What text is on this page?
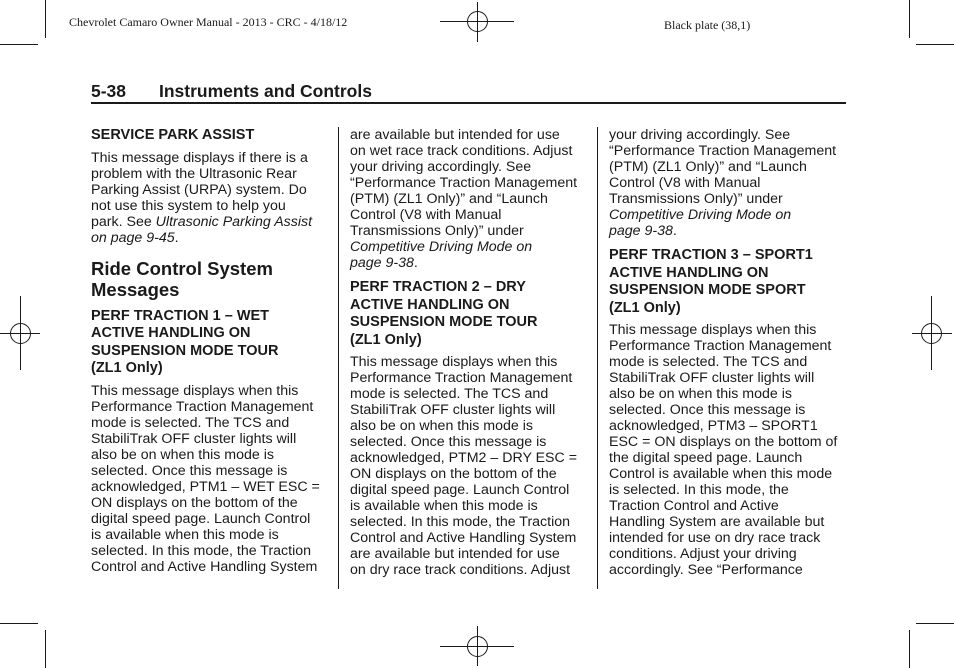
Chevrolet Camaro Owner Manual - 2013 - CRC - 4/18/12	Black plate (38,1)
5-38 Instruments and Controls
SERVICE PARK ASSIST

This message displays if there is a
problem with the Ultrasonic Rear
Parking Assist (URPA) system. Do
not use this system to help you
park. See Ultrasonic Parking Assist
on page 9-45.

Ride Control System
Messages
PERF TRACTION 1 – WET
ACTIVE HANDLING ON
SUSPENSION MODE TOUR
(ZL1 Only)

This message displays when this
Performance Traction Management
mode is selected. The TCS and
StabiliTrak OFF cluster lights will
also be on when this mode is
selected. Once this message is
acknowledged, PTM1 – WET ESC =
ON displays on the bottom of the
digital speed page. Launch Control
is available when this mode is
selected. In this mode, the Traction
Control and Active Handling System

are available but intended for use
on wet race track conditions. Adjust
your driving accordingly. See
“Performance Traction Management
(PTM) (ZL1 Only)” and “Launch
Control (V8 with Manual
Transmissions Only)” under
Competitive Driving Mode on
page 9-38.

PERF TRACTION 2 – DRY
ACTIVE HANDLING ON
SUSPENSION MODE TOUR
(ZL1 Only)

This message displays when this
Performance Traction Management
mode is selected. The TCS and
StabiliTrak OFF cluster lights will
also be on when this mode is
selected. Once this message is
acknowledged, PTM2 – DRY ESC =
ON displays on the bottom of the
digital speed page. Launch Control
is available when this mode is
selected. In this mode, the Traction
Control and Active Handling System
are available but intended for use
on dry race track conditions. Adjust

your driving accordingly. See
“Performance Traction Management
(PTM) (ZL1 Only)” and “Launch
Control (V8 with Manual
Transmissions Only)” under
Competitive Driving Mode on
page 9-38.

PERF TRACTION 3 – SPORT1
ACTIVE HANDLING ON
SUSPENSION MODE SPORT
(ZL1 Only)

This message displays when this
Performance Traction Management
mode is selected. The TCS and
StabiliTrak OFF cluster lights will
also be on when this mode is
selected. Once this message is
acknowledged, PTM3 – SPORT1
ESC = ON displays on the bottom of
the digital speed page. Launch
Control is available when this mode
is selected. In this mode, the
Traction Control and Active
Handling System are available but
intended for use on dry race track
conditions. Adjust your driving
accordingly. See “Performance
